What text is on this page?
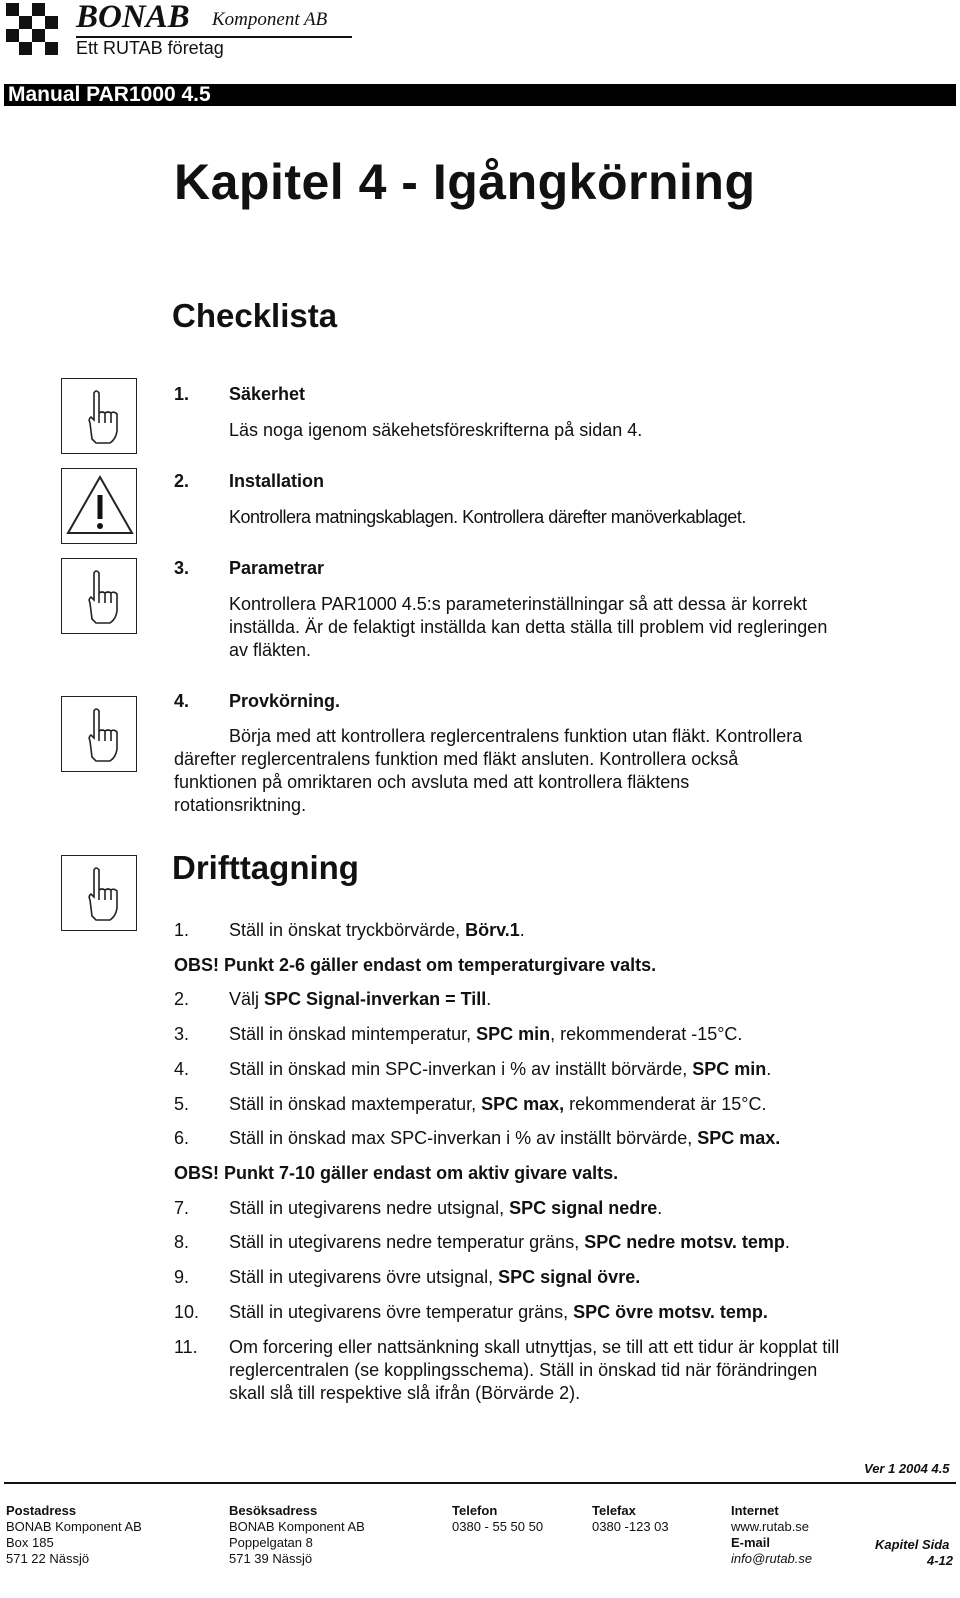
BONAB Komponent AB
Ett RUTAB företag
Manual PAR1000 4.5
Kapitel 4 - Igångkörning
Checklista
1. Säkerhet
Läs noga igenom säkehetsföreskrifterna på sidan 4.
2. Installation
Kontrollera matningskablagen. Kontrollera därefter manöverkablaget.
3. Parametrar
Kontrollera PAR1000 4.5:s parameterinställningar så att dessa är korrekt
inställda. Är de felaktigt inställda kan detta ställa till problem vid regleringen
av fläkten.
4. Provkörning.
Börja med att kontrollera reglercentralens funktion utan fläkt. Kontrollera
därefter reglercentralens funktion med fläkt ansluten. Kontrollera också
funktionen på omriktaren och avsluta med att kontrollera fläktens
rotationsriktning.
Drifttagning
1. Ställ in önskat tryckbörvärde, Börv.1.
OBS! Punkt 2-6 gäller endast om temperaturgivare valts.
2. Välj SPC Signal-inverkan = Till.
3. Ställ in önskad mintemperatur, SPC min, rekommenderat -15°C.
4. Ställ in önskad min SPC-inverkan i % av inställt börvärde, SPC min.
5. Ställ in önskad maxtemperatur, SPC max, rekommenderat är 15°C.
6. Ställ in önskad max SPC-inverkan i % av inställt börvärde, SPC max.
OBS! Punkt 7-10 gäller endast om aktiv givare valts.
7. Ställ in utegivarens nedre utsignal, SPC signal nedre.
8. Ställ in utegivarens nedre temperatur gräns, SPC nedre motsv. temp.
9. Ställ in utegivarens övre utsignal, SPC signal övre.
10. Ställ in utegivarens övre temperatur gräns, SPC övre motsv. temp.
11. Om forcering eller nattsänkning skall utnyttjas, se till att ett tidur är kopplat till
reglercentralen (se kopplingsschema). Ställ in önskad tid när förändringen
skall slå till respektive slå ifrån (Börvärde 2).
Ver 1 2004 4.5
Postadress
BONAB Komponent AB
Box 185
571 22 Nässjö
Besöksadress
BONAB Komponent AB
Poppelgatan 8
571 39 Nässjö
Telefon
0380 - 55 50 50
Telefax
0380 -123 03
Internet
www.rutab.se
E-mail
info@rutab.se
Kapitel Sida
4-12
